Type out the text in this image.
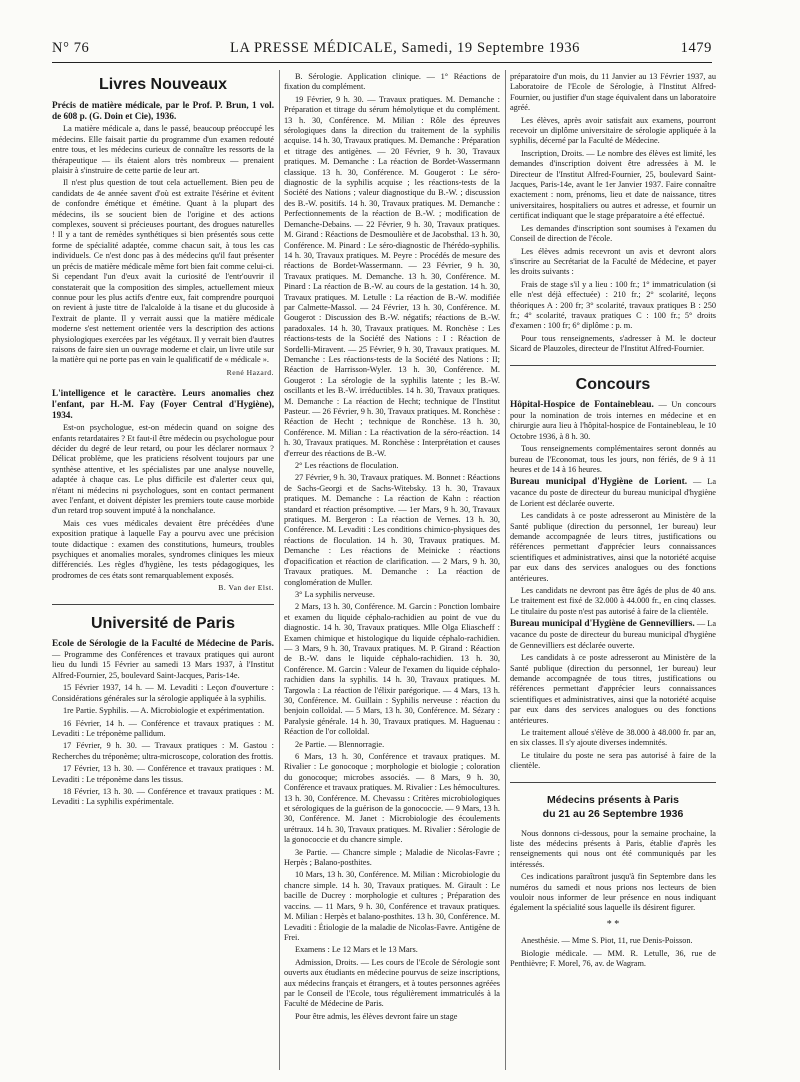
N° 76	LA PRESSE MÉDICALE, Samedi, 19 Septembre 1936	1479
Livres Nouveaux

Précis de matière médicale, par le Prof. P. Brun, 1 vol. de 608 p. (G. Doin et Cie), 1936.

La matière médicale a, dans le passé, beaucoup préoccupé les médecins. Elle faisait partie du programme d'un examen redouté entre tous, et les médecins curieux de connaître les ressorts de la thérapeutique — ils étaient alors très nombreux — prenaient plaisir à s'instruire de cette partie de leur art.

Il n'est plus question de tout cela actuellement. Bien peu de candidats de 4e année savent d'où est extraite l'ésérine et évitent de confondre émétique et émétine. Quant à la plupart des médecins, ils se soucient bien de l'origine et des actions complexes, souvent si précieuses pourtant, des drogues naturelles ! Il y a tant de remèdes synthétiques si bien présentés sous cette forme de spécialité adaptée, comme chacun sait, à tous les cas individuels. Ce n'est donc pas à des médecins qu'il faut présenter un précis de matière médicale même fort bien fait comme celui-ci. Si cependant l'un d'eux avait la curiosité de l'entr'ouvrir il constaterait que la composition des simples, actuellement mieux connue pour les plus actifs d'entre eux, fait comprendre pourquoi on revient à juste titre de l'alcaloïde à la tisane et du glucoside à l'extrait de plante. Il y verrait aussi que la matière médicale moderne s'est nettement orientée vers la description des actions physiologiques exercées par les végétaux. Il y verrait bien d'autres raisons de faire sien un ouvrage moderne et clair, un livre utile sur la matière qui ne porte pas en vain le qualificatif de « médicale ».

René Hazard.

L'intelligence et le caractère. Leurs anomalies chez l'enfant, par H.-M. Fay (Foyer Central d'Hygiène), 1934.

Est-on psychologue, est-on médecin quand on soigne des enfants retardataires ? Et faut-il être médecin ou psychologue pour décider du degré de leur retard, ou pour les déclarer normaux ? Délicat problème, que les praticiens résolvent toujours par une synthèse attentive, et les spécialistes par une analyse nouvelle, adaptée à chaque cas. Le plus difficile est d'alerter ceux qui, n'étant ni médecins ni psychologues, sont en contact permanent avec l'enfant, et doivent dépister les premiers toute cause morbide d'un retard trop souvent imputé à la nonchalance.

Mais ces vues médicales devaient être précédées d'une exposition pratique à laquelle Fay a pourvu avec une précision toute didactique : examen des constitutions, humeurs, troubles psychiques et anomalies morales, syndromes cliniques les mieux différenciés. Les règles d'hygiène, les tests pédagogiques, les prodromes de ces états sont remarquablement exposés.

B. Van der Elst.
Université de Paris

Ecole de Sérologie de la Faculté de Médecine de Paris. — Programme des Conférences et travaux pratiques qui auront lieu du lundi 15 Février au samedi 13 Mars 1937, à l'Institut Alfred-Fournier, 25, boulevard Saint-Jacques, Paris-14e.

15 Février 1937, 14 h. — M. Levaditi : Leçon d'ouverture : Considérations générales sur la sérologie appliquée à la syphilis.

1re Partie. Syphilis. — A. Microbiologie et expérimentation.

16 Février, 14 h. — Conférence et travaux pratiques : M. Levaditi : Le tréponème pallidum.

17 Février, 9 h. 30. — Travaux pratiques : M. Gastou : Recherches du tréponème; ultra-microscope, coloration des frottis.

17 Février, 13 h. 30. — Conférence et travaux pratiques : M. Levaditi : Le tréponème dans les tissus.

18 Février, 13 h. 30. — Conférence et travaux pratiques : M. Levaditi : La syphilis expérimentale.

B. Sérologie. Application clinique. — 1° Réactions de fixation du complément.

19 Février, 9 h. 30. — Travaux pratiques. M. Demanche : Préparation et titrage du sérum hémolytique et du complément. 13 h. 30, Conférence. M. Milian : Rôle des épreuves sérologiques dans la direction du traitement de la syphilis acquise. 14 h. 30, Travaux pratiques. M. Demanche : Préparation et titrage des antigènes. — 20 Février, 9 h. 30, Travaux pratiques. M. Demanche : La réaction de Bordet-Wassermann classique. 13 h. 30, Conférence. M. Gougerot : Le séro-diagnostic de la syphilis acquise ; les réactions-tests de la Société des Nations ; valeur diagnostique du B.-W. ; discussion des B.-W. positifs. 14 h. 30, Travaux pratiques. M. Demanche : Perfectionnements de la réaction de B.-W. ; modification de Demanche-Debains. — 22 Février, 9 h. 30, Travaux pratiques. M. Girand : Réactions de Desmoulière et de Jacobsthal. 13 h. 30, Conférence. M. Pinard : Le séro-diagnostic de l'hérédo-syphilis. 14 h. 30, Travaux pratiques. M. Peyre : Procédés de mesure des réactions de Bordet-Wassermann. — 23 Février, 9 h. 30, Travaux pratiques. M. Demanche. 13 h. 30, Conférence. M. Pinard : La réaction de B.-W. au cours de la gestation. 14 h. 30, Travaux pratiques. M. Letulle : La réaction de B.-W. modifiée par Calmette-Massol. — 24 Février, 13 h. 30, Conférence. M. Gougerot : Discussion des B.-W. négatifs; réactions de B.-W. paradoxales. 14 h. 30, Travaux pratiques. M. Ronchèse : Les réactions-tests de la Société des Nations : I : Réaction de Sordelli-Miravent. — 25 Février, 9 h. 30, Travaux pratiques. M. Demanche : Les réactions-tests de la Société des Nations : II; Réaction de Harrisson-Wyler. 13 h. 30, Conférence. M. Gougerot : La sérologie de la syphilis latente ; les B.-W. oscillants et les B.-W. irréductibles. 14 h. 30, Travaux pratiques. M. Demanche : La réaction de Hecht; technique de l'Institut Pasteur. — 26 Février, 9 h. 30, Travaux pratiques. M. Ronchèse : Réaction de Hecht ; technique de Ronchèse. 13 h. 30, Conférence. M. Milian : La réactivation de la séro-réaction. 14 h. 30, Travaux pratiques. M. Ronchèse : Interprétation et causes d'erreur des réactions de B.-W.

2° Les réactions de floculation.

27 Février, 9 h. 30, Travaux pratiques. M. Bonnet : Réactions de Sachs-Georgi et de Sachs-Witebsky. 13 h. 30, Travaux pratiques. M. Demanche : La réaction de Kahn : réaction standard et réaction présomptive. — 1er Mars, 9 h. 30, Travaux pratiques. M. Bergeron : La réaction de Vernes. 13 h. 30, Conférence. M. Levaditi : Les conditions chimico-physiques des réactions de floculation. 14 h. 30, Travaux pratiques. M. Demanche : Les réactions de Meinicke : réactions d'opacification et réaction de clarification. — 2 Mars, 9 h. 30, Travaux pratiques. M. Demanche : La réaction de conglomération de Muller.

3° La syphilis nerveuse.

2 Mars, 13 h. 30, Conférence. M. Garcin : Ponction lombaire et examen du liquide céphalo-rachidien au point de vue du diagnostic. 14 h. 30, Travaux pratiques. Mlle Olga Eliascheff : Examen chimique et histologique du liquide céphalo-rachidien. — 3 Mars, 9 h. 30, Travaux pratiques. M. P. Girand : Réaction de B.-W. dans le liquide céphalo-rachidien. 13 h. 30, Conférence. M. Garcin : Valeur de l'examen du liquide céphalo-rachidien dans la syphilis. 14 h. 30, Travaux pratiques. M. Targowla : La réaction de l'élixir parégorique. — 4 Mars, 13 h. 30, Conférence. M. Guillain : Syphilis nerveuse : réaction du benjoin colloïdal. — 5 Mars, 13 h. 30, Conférence. M. Sézary : Paralysie générale. 14 h. 30, Travaux pratiques. M. Haguenau : Réaction de l'or colloïdal.

2e Partie. — Blennorragie.

6 Mars, 13 h. 30, Conférence et travaux pratiques. M. Rivalier : Le gonocoque ; morphologie et biologie ; coloration du gonocoque; microbes associés. — 8 Mars, 9 h. 30, Conférence et travaux pratiques. M. Rivalier : Les hémocultures. 13 h. 30, Conférence. M. Chevassu : Critères microbiologiques et sérologiques de la guérison de la gonococcie. — 9 Mars, 13 h. 30, Conférence. M. Janet : Microbiologie des écoulements urétraux. 14 h. 30, Travaux pratiques. M. Rivalier : Sérologie de la gonococcie et du chancre simple.

3e Partie. — Chancre simple ; Maladie de Nicolas-Favre ; Herpès ; Balano-posthites.

10 Mars, 13 h. 30, Conférence. M. Milian : Microbiologie du chancre simple. 14 h. 30, Travaux pratiques. M. Girault : Le bacille de Ducrey : morphologie et cultures ; Préparation des vaccins. — 11 Mars, 9 h. 30, Conférence et travaux pratiques. M. Milian : Herpès et balano-posthites. 13 h. 30, Conférence. M. Levaditi : Étiologie de la maladie de Nicolas-Favre. Antigène de Frei.

Examens : Le 12 Mars et le 13 Mars.

Admission, Droits. — Les cours de l'Ecole de Sérologie sont ouverts aux étudiants en médecine pourvus de seize inscriptions, aux médecins français et étrangers, et à toutes personnes agréées par le Conseil de l'Ecole, tous régulièrement immatriculés à la Faculté de Médecine de Paris.

Pour être admis, les élèves devront faire un stage

préparatoire d'un mois, du 11 Janvier au 13 Février 1937, au Laboratoire de l'Ecole de Sérologie, à l'Institut Alfred-Fournier, ou justifier d'un stage équivalent dans un laboratoire agréé.

Les élèves, après avoir satisfait aux examens, pourront recevoir un diplôme universitaire de sérologie appliquée à la syphilis, décerné par la Faculté de Médecine.

Inscription, Droits. — Le nombre des élèves est limité, les demandes d'inscription doivent être adressées à M. le Directeur de l'Institut Alfred-Fournier, 25, boulevard Saint-Jacques, Paris-14e, avant le 1er Janvier 1937. Faire connaître exactement : nom, prénoms, lieu et date de naissance, titres universitaires, hospitaliers ou autres et adresse, et fournir un certificat indiquant que le stage préparatoire a été effectué.

Les demandes d'inscription sont soumises à l'examen du Conseil de direction de l'école.

Les élèves admis recevront un avis et devront alors s'inscrire au Secrétariat de la Faculté de Médecine, et payer les droits suivants :

Frais de stage s'il y a lieu : 100 fr.; 1° immatriculation (si elle n'est déjà effectuée) : 210 fr.; 2° scolarité, leçons théoriques A : 200 fr; 3° scolarité, travaux pratiques B : 250 fr.; 4° scolarité, travaux pratiques C : 100 fr.; 5° droits d'examen : 100 fr; 6° diplôme : p. m.

Pour tous renseignements, s'adresser à M. le docteur Sicard de Plauzoles, directeur de l'Institut Alfred-Fournier.

Concours

Hôpital-Hospice de Fontainebleau. — Un concours pour la nomination de trois internes en médecine et en chirurgie aura lieu à l'hôpital-hospice de Fontainebleau, le 10 Octobre 1936, à 8 h. 30.

Tous renseignements complémentaires seront donnés au bureau de l'Economat, tous les jours, non fériés, de 9 à 11 heures et de 14 à 16 heures.

Bureau municipal d'Hygiène de Lorient. — La vacance du poste de directeur du bureau municipal d'hygiène de Lorient est déclarée ouverte.

Les candidats à ce poste adresseront au Ministère de la Santé publique (direction du personnel, 1er bureau) leur demande accompagnée de leurs titres, justifications ou références permettant d'apprécier leurs connaissances scientifiques et administratives, ainsi que la notoriété acquise par eux dans des services analogues ou des fonctions antérieures.

Les candidats ne devront pas être âgés de plus de 40 ans. Le traitement est fixé de 32.000 à 44.000 fr., en cinq classes. Le titulaire du poste n'est pas autorisé à faire de la clientèle.

Bureau municipal d'Hygiène de Gennevilliers. — La vacance du poste de directeur du bureau municipal d'hygiène de Gennevilliers est déclarée ouverte.

Les candidats à ce poste adresseront au Ministère de la Santé publique (direction du personnel, 1er bureau) leur demande accompagnée de tous titres, justifications ou références permettant d'apprécier leurs connaissances scientifiques et administratives, ainsi que la notoriété acquise par eux dans des services analogues ou des fonctions antérieures.

Le traitement alloué s'élève de 38.000 à 48.000 fr. par an, en six classes. Il s'y ajoute diverses indemnités.

Le titulaire du poste ne sera pas autorisé à faire de la clientèle.

Médecins présents à Paris
du 21 au 26 Septembre 1936

Nous donnons ci-dessous, pour la semaine prochaine, la liste des médecins présents à Paris, établie d'après les renseignements qui nous ont été communiqués par les intéressés.

Ces indications paraîtront jusqu'à fin Septembre dans les numéros du samedi et nous prions nos lecteurs de bien vouloir nous informer de leur présence en nous indiquant également la spécialité sous laquelle ils désirent figurer.

* *

Anesthésie. — Mme S. Piot, 11, rue Denis-Poisson.

Biologie médicale. — MM. R. Letulle, 36, rue de Penthièvre; F. Morel, 76, av. de Wagram.
